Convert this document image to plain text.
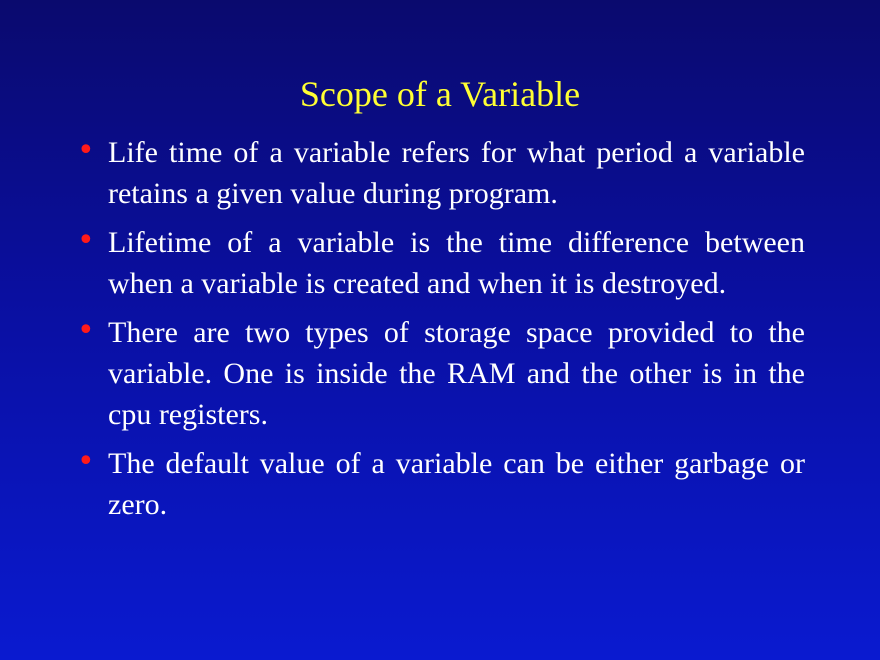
Scope of a Variable
• Life time of a variable refers for what period a variable retains a given value during program.
• Lifetime of a variable is the time difference between when a variable is created and when it is destroyed.
• There are two types of storage space provided to the variable. One is inside the RAM and the other is in the cpu registers.
• The default value of a variable can be either garbage or zero.
